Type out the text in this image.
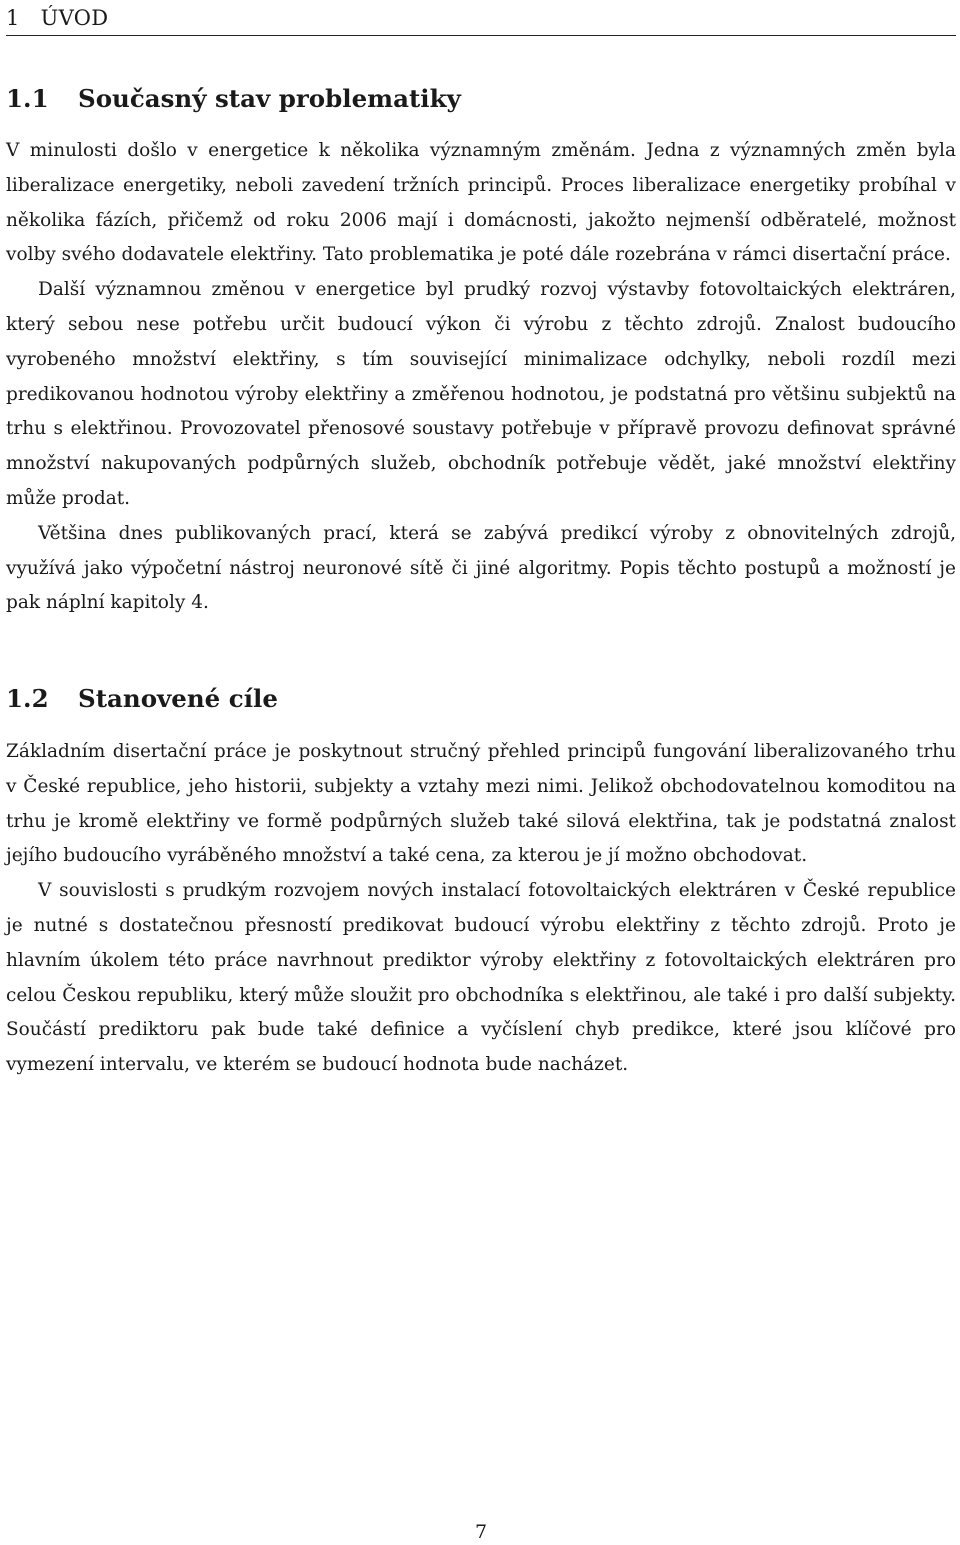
1 ÚVOD
1.1 Současný stav problematiky

V minulosti došlo v energetice k několika významným změnám. Jedna z významných změn byla liberalizace energetiky, neboli zavedení tržních principů. Proces liberalizace energetiky probíhal v několika fázích, přičemž od roku 2006 mají i domácnosti, jakožto nejmenší odběratelé, možnost volby svého dodavatele elektřiny. Tato problematika je poté dále rozebrána v rámci disertační práce.

Další významnou změnou v energetice byl prudký rozvoj výstavby fotovoltaických elektráren, který sebou nese potřebu určit budoucí výkon či výrobu z těchto zdrojů. Znalost budoucího vyrobeného množství elektřiny, s tím související minimalizace odchylky, neboli rozdíl mezi predikovanou hodnotou výroby elektřiny a změřenou hodnotou, je podstatná pro většinu subjektů na trhu s elektřinou. Provozovatel přenosové soustavy potřebuje v přípravě provozu definovat správné množství nakupovaných podpůrných služeb, obchodník potřebuje vědět, jaké množství elektřiny může prodat.

Většina dnes publikovaných prací, která se zabývá predikcí výroby z obnovitelných zdrojů, využívá jako výpočetní nástroj neuronové sítě či jiné algoritmy. Popis těchto postupů a možností je pak náplní kapitoly 4.

1.2 Stanovené cíle

Základním disertační práce je poskytnout stručný přehled principů fungování liberalizovaného trhu v České republice, jeho historii, subjekty a vztahy mezi nimi. Jelikož obchodovatelnou komoditou na trhu je kromě elektřiny ve formě podpůrných služeb také silová elektřina, tak je podstatná znalost jejího budoucího vyráběného množství a také cena, za kterou je jí možno obchodovat.

V souvislosti s prudkým rozvojem nových instalací fotovoltaických elektráren v České republice je nutné s dostatečnou přesností predikovat budoucí výrobu elektřiny z těchto zdrojů. Proto je hlavním úkolem této práce navrhnout prediktor výroby elektřiny z fotovoltaických elektráren pro celou Českou republiku, který může sloužit pro obchodníka s elektřinou, ale také i pro další subjekty. Součástí prediktoru pak bude také definice a vyčíslení chyb predikce, které jsou klíčové pro vymezení intervalu, ve kterém se budoucí hodnota bude nacházet.

7
